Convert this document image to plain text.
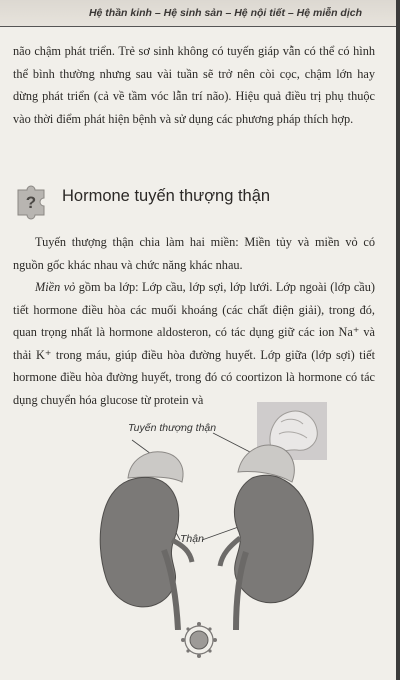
Hệ thần kinh – Hệ sinh sản – Hệ nội tiết – Hệ miễn dịch

não chậm phát triển. Trẻ sơ sinh không có tuyến giáp vẫn có thể có hình thể bình thường nhưng sau vài tuần sẽ trở nên còi cọc, chậm lớn hay dừng phát triển (cả về tầm vóc lẫn trí não). Hiệu quả điều trị phụ thuộc vào thời điểm phát hiện bệnh và sử dụng các phương pháp thích hợp.

? Hormone tuyến thượng thận

Tuyến thượng thận chia làm hai miền: Miền tủy và miền vỏ có nguồn gốc khác nhau và chức năng khác nhau.

Miền vỏ gồm ba lớp: Lớp cầu, lớp sợi, lớp lưới. Lớp ngoài (lớp cầu) tiết hormone điều hòa các muối khoáng (các chất điện giải), trong đó, quan trọng nhất là hormone aldosteron, có tác dụng giữ các ion Na⁺ và thải K⁺ trong máu, giúp điều hòa đường huyết. Lớp giữa (lớp sợi) tiết hormone điều hòa đường huyết, trong đó có coortizon là hormone có tác dụng chuyển hóa glucose từ protein và

Tuyến thượng thận
Thận
